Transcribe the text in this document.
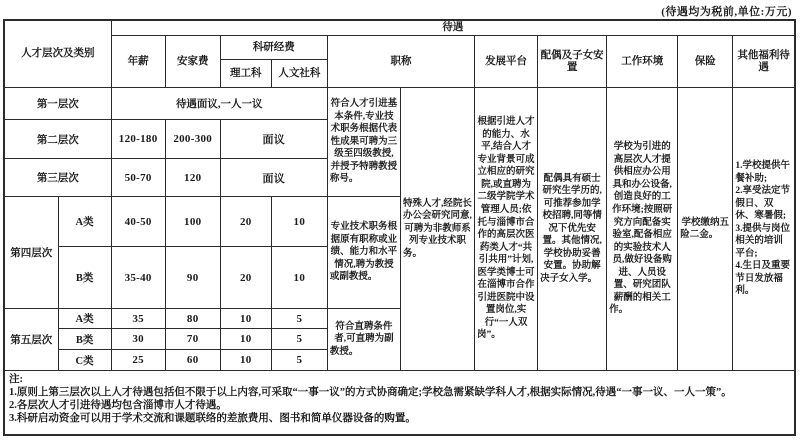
(待遇均为税前,单位:万元)
人才层次及类别		待遇										
		年薪	安家费	科研经费		职称		发展平台	配偶及子女安置	工作环境	保险	其他福利待遇
				理工科	人文社科							
第一层次		待遇面议,一人一议				符合人才引进基本条件,专业技术职务根据代表性成果可聘为三级至四级教授,并授予特聘教授称号。	特殊人才,经院长办公会研究同意,可聘为非教师系列专业技术职务。	根据引进人才的能力、水平,结合人才专业背景可成立相应的研究院,或直聘为二级学院学术管理人员;依托与淄博市合作的高层次医药类人才“共引共用”计划,医学类博士可在淄博市合作引进医院中设置岗位,实行“一人双岗”。	配偶具有硕士研究生学历的,可推荐参加学校招聘,同等情况下优先安置。其他情况,学校协助妥善安置。协助解决子女入学。	学校为引进的高层次人才提供相应办公用具和办公设备,创造良好的工作环境;按照研究方向配备实验室,配备相应的实验技术人员,做好设备购进、人员设置、研究团队薪酬的相关工作。	学校缴纳五险二金。	1.学校提供午餐补助;
2.享受法定节假日、双休、寒暑假;
3.提供与岗位相关的培训平台;
4.生日及重要节日发放福利。

第二层次		120-180	200-300	面议								
第三层次		50-70	120	面议								
第四层次	A类	40-50	100	20	10	专业技术职务根据原有职称或业绩、能力和水平情况,聘为教授或副教授。						
	B类	35-40	90	20	10							
第五层次	A类	35	80	10	5	符合直聘条件者,可直聘为副教授。						
	B类	30	70	10	5							
	C类	25	60	10	5							

注:
1.原则上第三层次以上人才待遇包括但不限于以上内容,可采取“一事一议”的方式协商确定;学校急需紧缺学科人才,根据实际情况,待遇“一事一议、一人一策”。
2.各层次人才引进待遇均包含淄博市人才待遇。
3.科研启动资金可以用于学术交流和课题联络的差旅费用、图书和简单仪器设备的购置。												
